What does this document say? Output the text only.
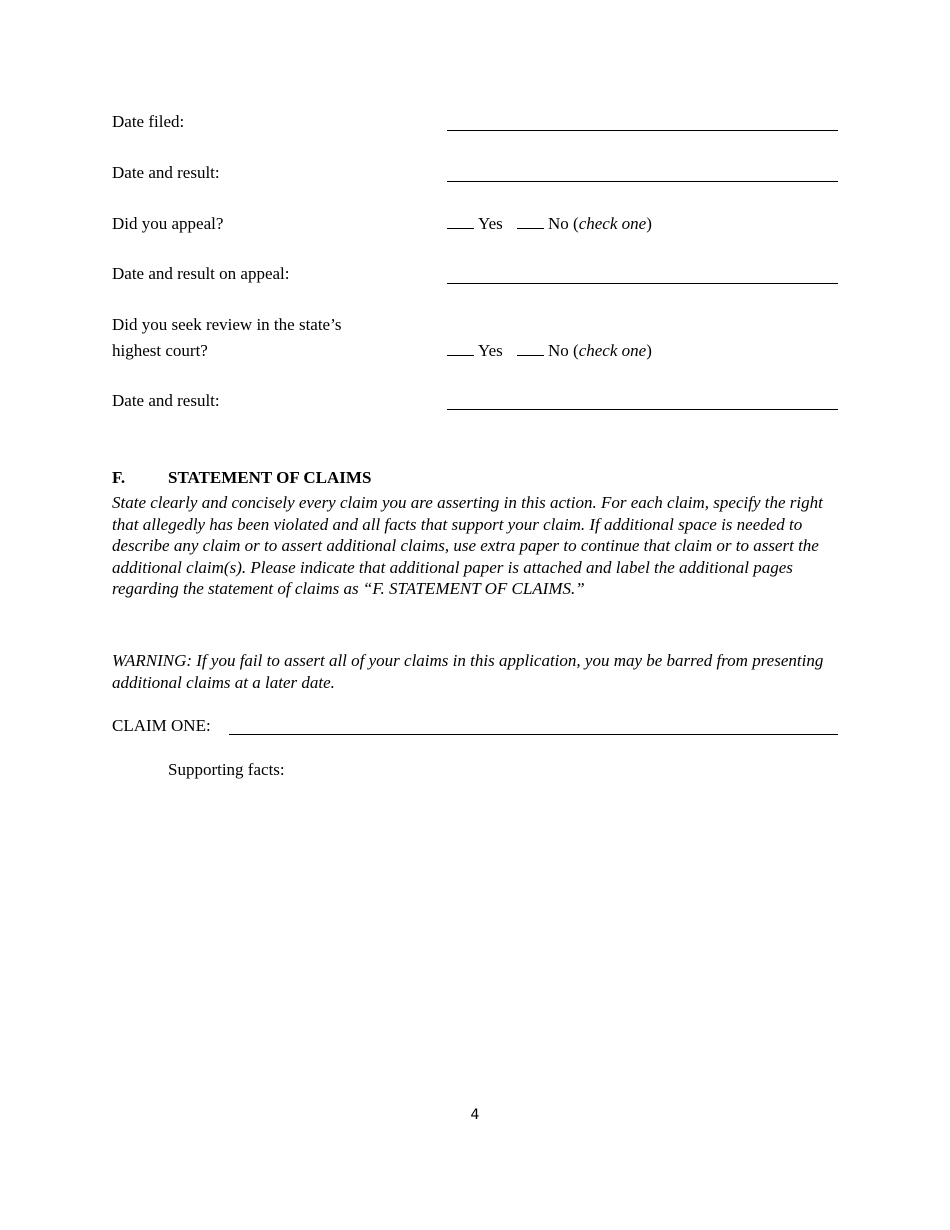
Date filed:
Date and result:
Did you appeal?	Yes	No (check one)
Date and result on appeal:
Did you seek review in the state’s
highest court?	Yes	No (check one)
Date and result:
F.	STATEMENT OF CLAIMS
State clearly and concisely every claim you are asserting in this action. For each claim, specify the right that allegedly has been violated and all facts that support your claim. If additional space is needed to describe any claim or to assert additional claims, use extra paper to continue that claim or to assert the additional claim(s). Please indicate that additional paper is attached and label the additional pages regarding the statement of claims as “F. STATEMENT OF CLAIMS.”
WARNING: If you fail to assert all of your claims in this application, you may be barred from presenting additional claims at a later date.
CLAIM ONE:
Supporting facts:
4
